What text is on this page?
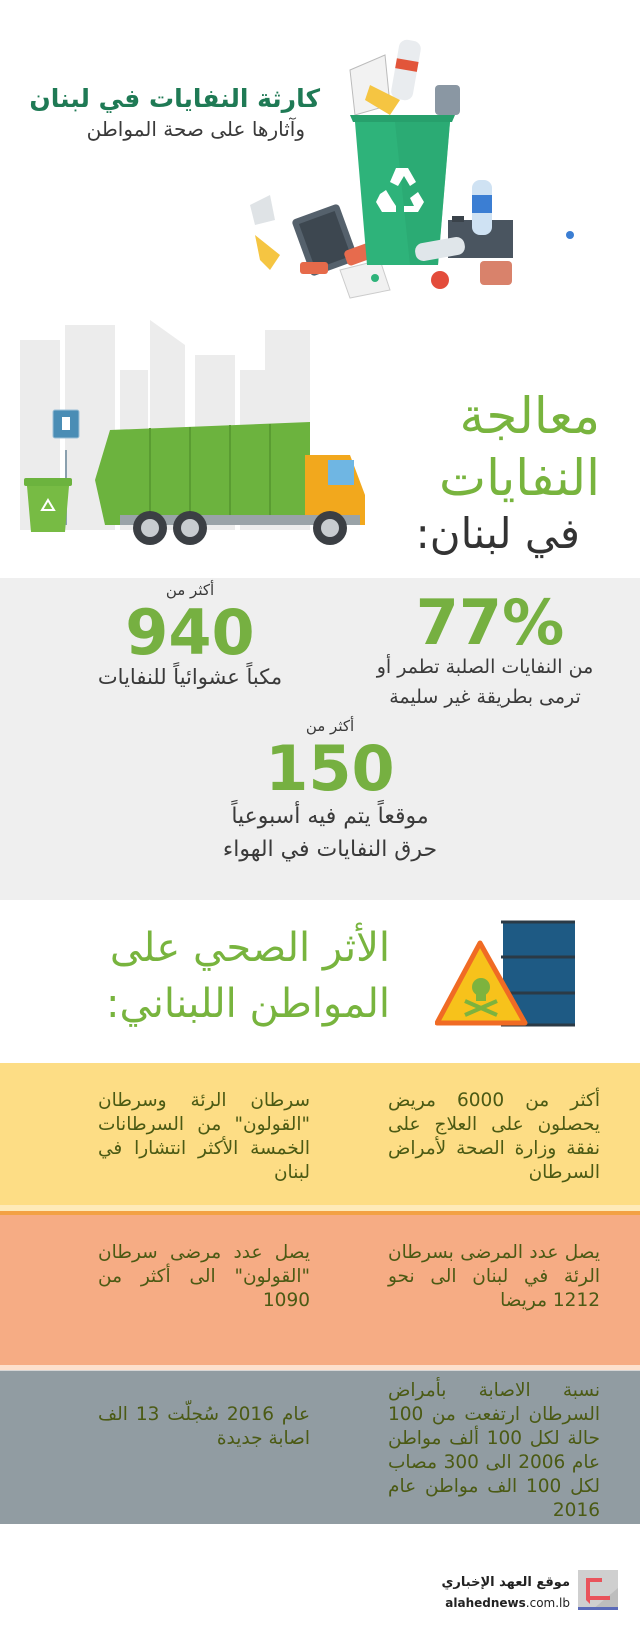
كارثة النفايات في لبنان
وآثارها على صحة المواطن
معالجة
النفايات
في لبنان:
77%
من النفايات الصلبة تطمر أو
ترمى بطريقة غير سليمة
أكثر من
940
مكباً عشوائياً للنفايات
أكثر من
150
موقعاً يتم فيه أسبوعياً
حرق النفايات في الهواء
الأثر الصحي على
المواطن اللبناني:
أكثر من 6000 مريض يحصلون على العلاج على نفقة وزارة الصحة لأمراض السرطان
سرطان الرئة وسرطان "القولون" من السرطانات الخمسة الأكثر انتشارا في لبنان
يصل عدد المرضى بسرطان الرئة في لبنان الى نحو 1212 مريضا
يصل عدد مرضى سرطان "القولون" الى أكثر من 1090
نسبة الاصابة بأمراض السرطان ارتفعت من 100 حالة لكل 100 ألف مواطن عام 2006 الى 300 مصاب لكل 100 الف مواطن عام 2016
عام 2016 سُجلّت 13 الف اصابة جديدة
موقع العهد الإخباري
alahednews.com.lb
